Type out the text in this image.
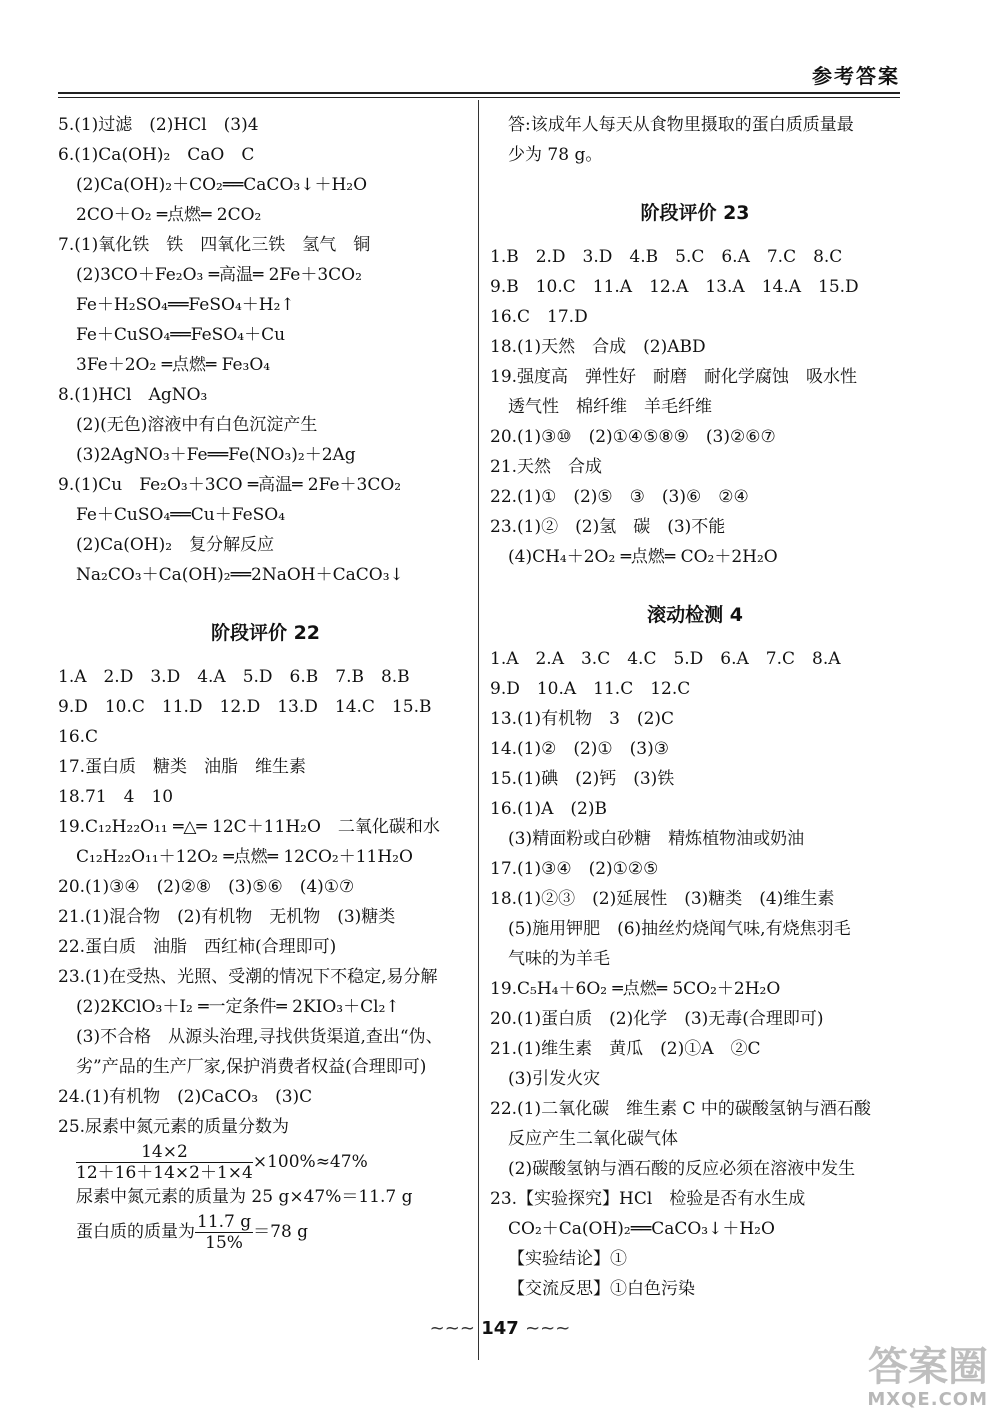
参考答案
5.(1)过滤　(2)HCl　(3)4
6.(1)Ca(OH)₂　CaO　C
(2)Ca(OH)₂＋CO₂══CaCO₃↓＋H₂O
2CO＋O₂ ═点燃═ 2CO₂
7.(1)氧化铁　铁　四氧化三铁　氢气　铜
(2)3CO＋Fe₂O₃ ═高温═ 2Fe＋3CO₂
Fe＋H₂SO₄══FeSO₄＋H₂↑
Fe＋CuSO₄══FeSO₄＋Cu
3Fe＋2O₂ ═点燃═ Fe₃O₄
8.(1)HCl　AgNO₃
(2)(无色)溶液中有白色沉淀产生
(3)2AgNO₃＋Fe══Fe(NO₃)₂＋2Ag
9.(1)Cu　Fe₂O₃＋3CO ═高温═ 2Fe＋3CO₂
Fe＋CuSO₄══Cu＋FeSO₄
(2)Ca(OH)₂　复分解反应
Na₂CO₃＋Ca(OH)₂══2NaOH＋CaCO₃↓
阶段评价 22
1.A　2.D　3.D　4.A　5.D　6.B　7.B　8.B
9.D　10.C　11.D　12.D　13.D　14.C　15.B
16.C
17.蛋白质　糖类　油脂　维生素
18.71　4　10
19.C₁₂H₂₂O₁₁ ═△═ 12C＋11H₂O　二氧化碳和水
C₁₂H₂₂O₁₁＋12O₂ ═点燃═ 12CO₂＋11H₂O
20.(1)③④　(2)②⑧　(3)⑤⑥　(4)①⑦
21.(1)混合物　(2)有机物　无机物　(3)糖类
22.蛋白质　油脂　西红柿(合理即可)
23.(1)在受热、光照、受潮的情况下不稳定,易分解
(2)2KClO₃＋I₂ ═一定条件═ 2KIO₃＋Cl₂↑
(3)不合格　从源头治理,寻找供货渠道,查出“伪、
劣”产品的生产厂家,保护消费者权益(合理即可)
24.(1)有机物　(2)CaCO₃　(3)C
25.尿素中氮元素的质量分数为
$\frac{14\times 2}{12+16+14\times 2+1\times 4} \times 100\%\approx 47\%$
尿素中氮元素的质量为 25 g×47%＝11.7 g
蛋白质的质量为 $\frac{11.7 g}{15\%} =78$ g
答:该成年人每天从食物里摄取的蛋白质质量最
少为 78 g。
阶段评价 23
1.B　2.D　3.D　4.B　5.C　6.A　7.C　8.C
9.B　10.C　11.A　12.A　13.A　14.A　15.D
16.C　17.D
18.(1)天然　合成　(2)ABD
19.强度高　弹性好　耐磨　耐化学腐蚀　吸水性
透气性　棉纤维　羊毛纤维
20.(1)③⑩　(2)①④⑤⑧⑨　(3)②⑥⑦
21.天然　合成
22.(1)①　(2)⑤　③　(3)⑥　②④
23.(1)②　(2)氢　碳　(3)不能
(4)CH₄＋2O₂ ═点燃═ CO₂＋2H₂O
滚动检测 4
1.A　2.A　3.C　4.C　5.D　6.A　7.C　8.A
9.D　10.A　11.C　12.C
13.(1)有机物　3　(2)C
14.(1)②　(2)①　(3)③
15.(1)碘　(2)钙　(3)铁
16.(1)A　(2)B
(3)精面粉或白砂糖　精炼植物油或奶油
17.(1)③④　(2)①②⑤
18.(1)②③　(2)延展性　(3)糖类　(4)维生素
(5)施用钾肥　(6)抽丝灼烧闻气味,有烧焦羽毛
气味的为羊毛
19.C₅H₄＋6O₂ ═点燃═ 5CO₂＋2H₂O
20.(1)蛋白质　(2)化学　(3)无毒(合理即可)
21.(1)维生素　黄瓜　(2)①A　②C
(3)引发火灾
22.(1)二氧化碳　维生素 C 中的碳酸氢钠与酒石酸
反应产生二氧化碳气体
(2)碳酸氢钠与酒石酸的反应必须在溶液中发生
23.【实验探究】HCl　检验是否有水生成
CO₂＋Ca(OH)₂══CaCO₃↓＋H₂O
【实验结论】①
【交流反思】①白色污染
~~~ 147 ~~~
答案圈
MXQE.COM
